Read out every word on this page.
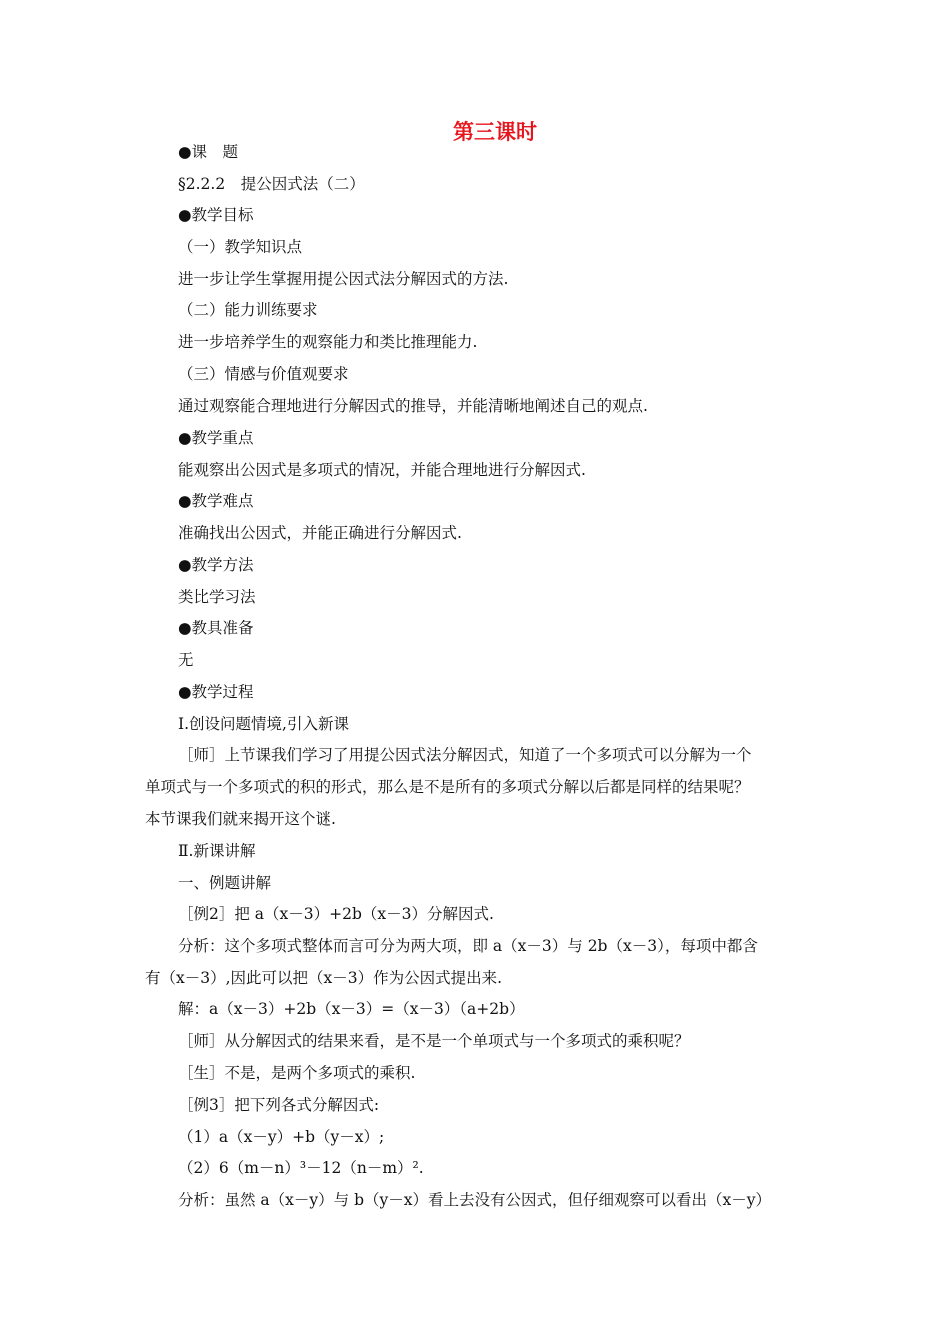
第三课时
●课　题
§2.2.2　提公因式法（二）
●教学目标
（一）教学知识点
进一步让学生掌握用提公因式法分解因式的方法.
（二）能力训练要求
进一步培养学生的观察能力和类比推理能力.
（三）情感与价值观要求
通过观察能合理地进行分解因式的推导，并能清晰地阐述自己的观点.
●教学重点
能观察出公因式是多项式的情况，并能合理地进行分解因式.
●教学难点
准确找出公因式，并能正确进行分解因式.
●教学方法
类比学习法
●教具准备
无
●教学过程
Ⅰ.创设问题情境,引入新课
［师］上节课我们学习了用提公因式法分解因式，知道了一个多项式可以分解为一个
单项式与一个多项式的积的形式，那么是不是所有的多项式分解以后都是同样的结果呢？
本节课我们就来揭开这个谜.
Ⅱ.新课讲解
一、例题讲解
［例2］把 a（x－3）+2b（x－3）分解因式.
分析：这个多项式整体而言可分为两大项，即 a（x－3）与 2b（x－3），每项中都含
有（x－3）,因此可以把（x－3）作为公因式提出来.
解：a（x－3）+2b（x－3）=（x－3）（a+2b）
［师］从分解因式的结果来看，是不是一个单项式与一个多项式的乘积呢？
［生］不是，是两个多项式的乘积.
［例3］把下列各式分解因式:
（1）a（x－y）+b（y－x）;
（2）6（m－n）³－12（n－m）².
分析：虽然 a（x－y）与 b（y－x）看上去没有公因式，但仔细观察可以看出（x－y）
